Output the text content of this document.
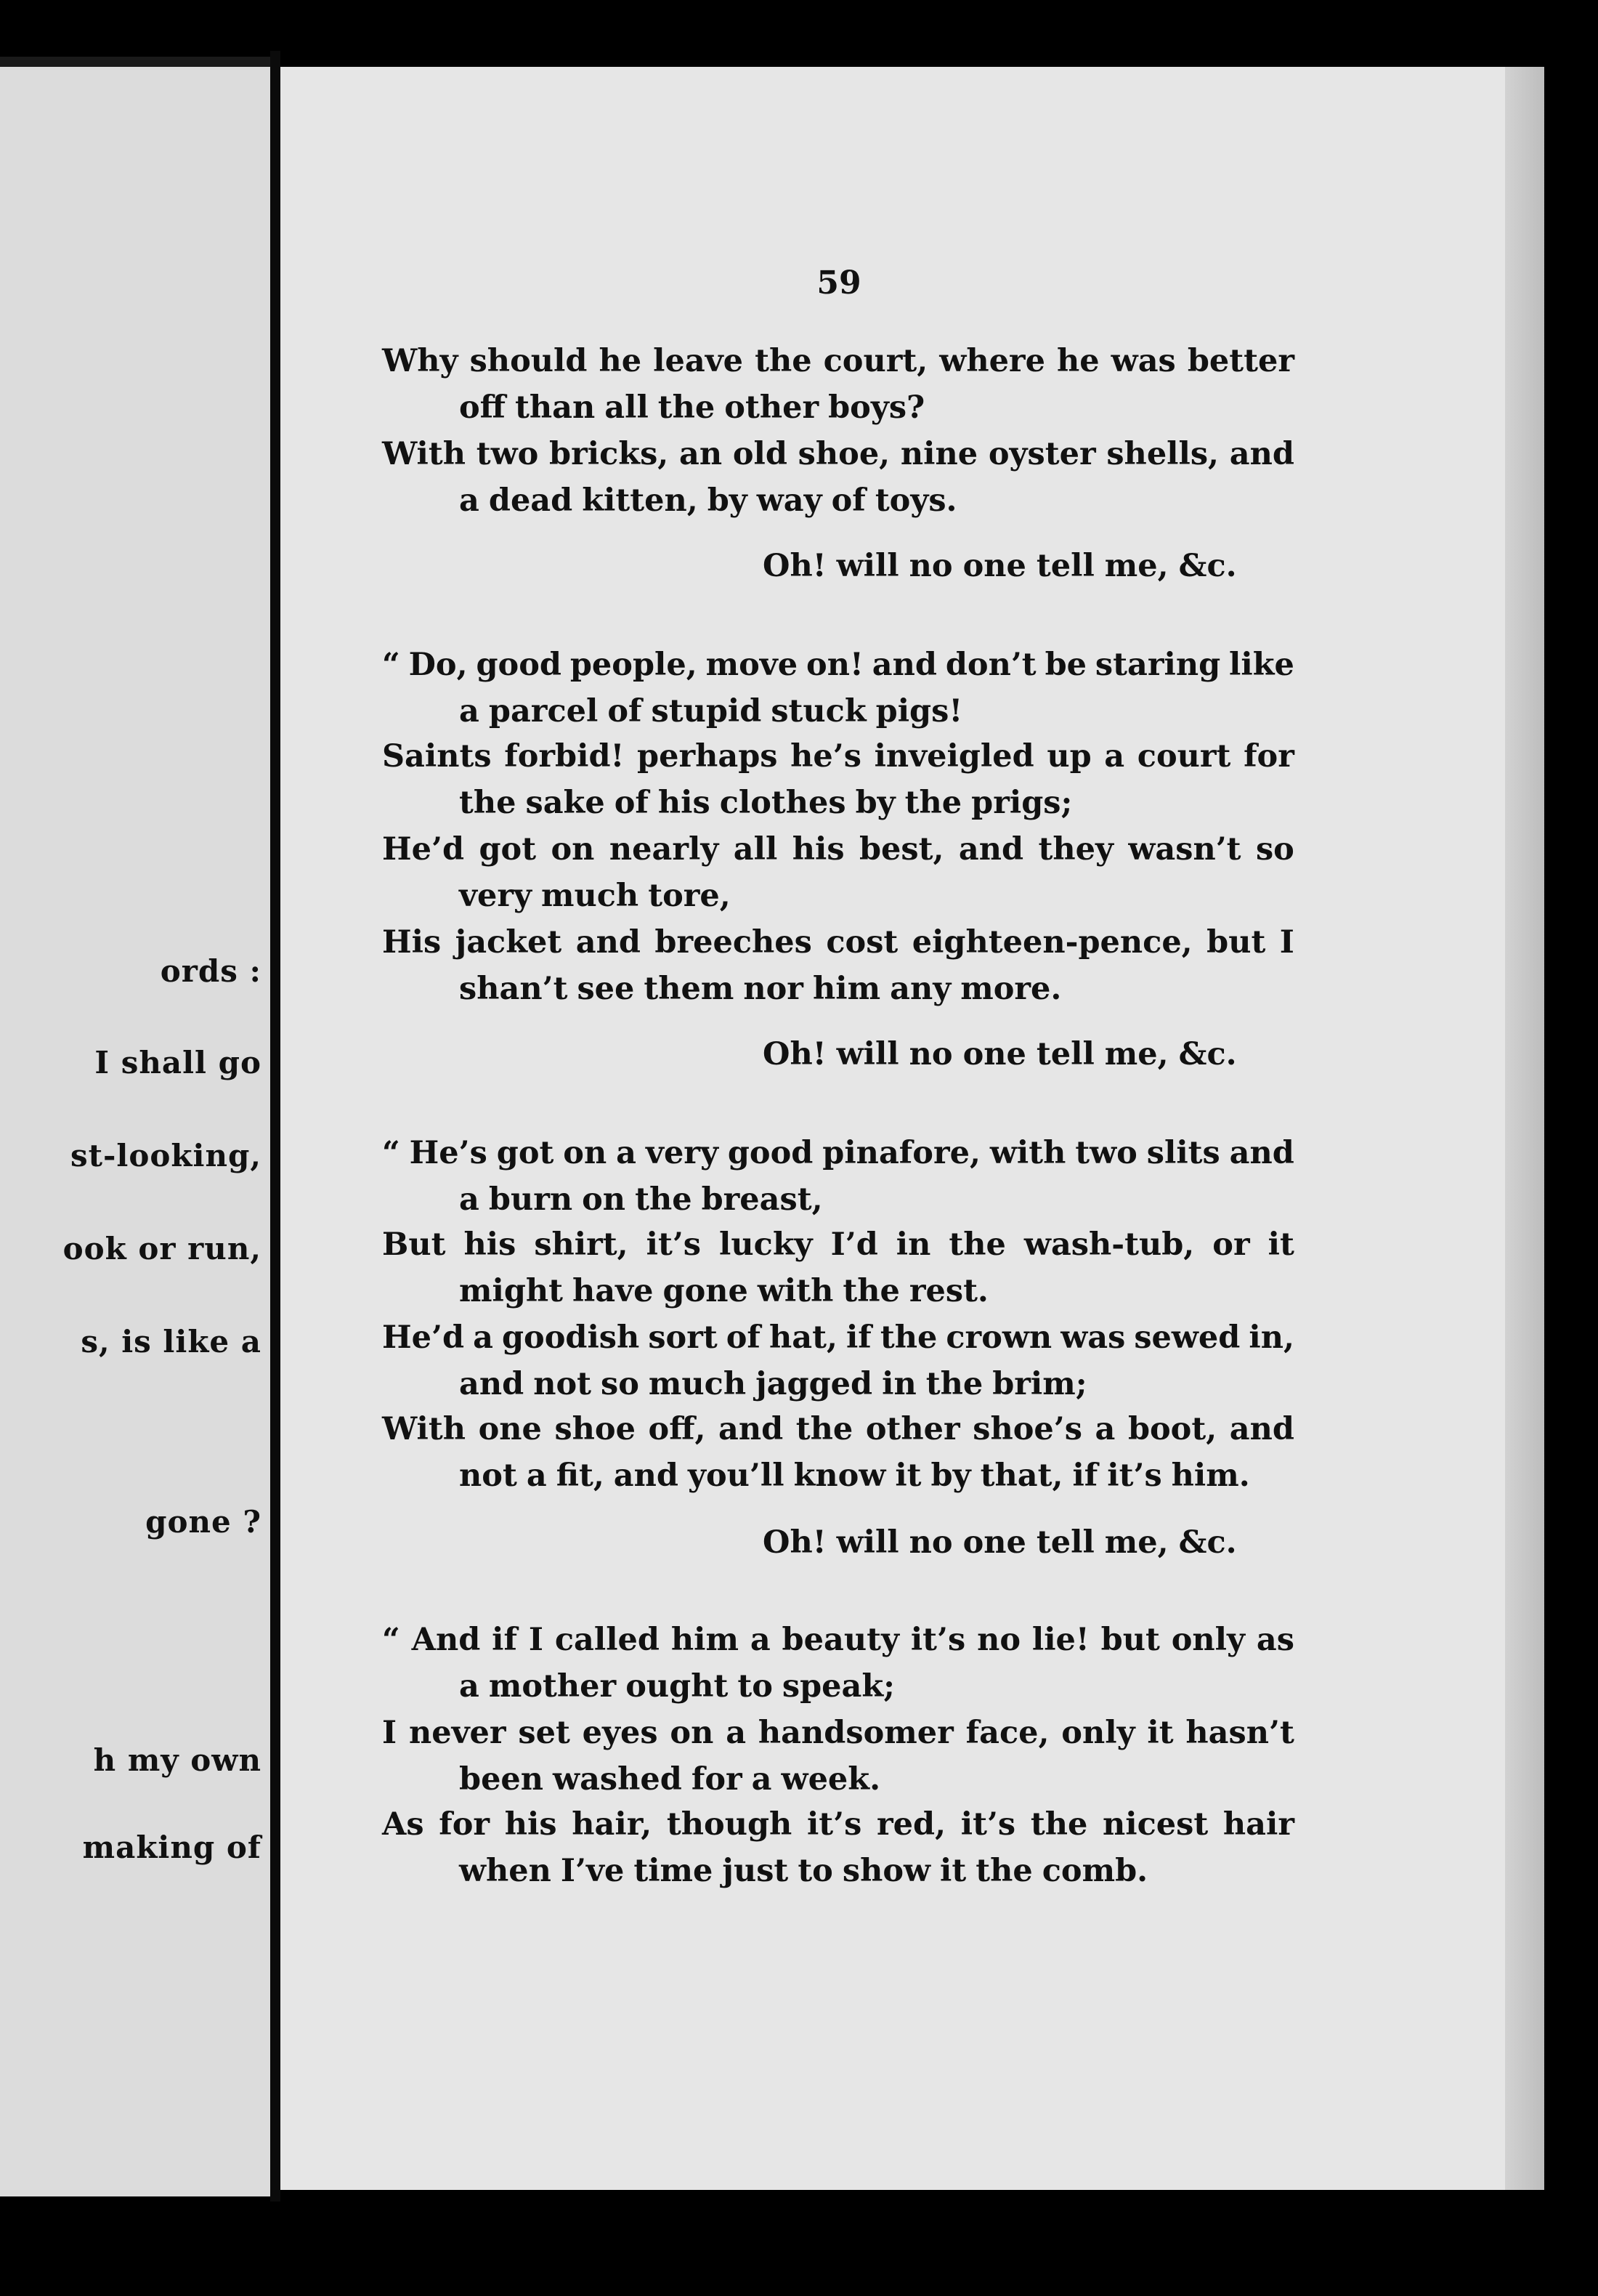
ords :
I shall go
st-looking,
ook or run,
s, is like a
gone ?
h my own
making of
59
Why should he leave the court, where he was better
off than all the other boys?
With two bricks, an old shoe, nine oyster shells, and
a dead kitten, by way of toys.
Oh! will no one tell me, &c.
“ Do, good people, move on! and don’t be staring like
a parcel of stupid stuck pigs!
Saints forbid! perhaps he’s inveigled up a court for
the sake of his clothes by the prigs;
He’d got on nearly all his best, and they wasn’t so
very much tore,
His jacket and breeches cost eighteen-pence, but I
shan’t see them nor him any more.
Oh! will no one tell me, &c.
“ He’s got on a very good pinafore, with two slits and
a burn on the breast,
But his shirt, it’s lucky I’d in the wash-tub, or it
might have gone with the rest.
He’d a goodish sort of hat, if the crown was sewed in,
and not so much jagged in the brim;
With one shoe off, and the other shoe’s a boot, and
not a fit, and you’ll know it by that, if it’s him.
Oh! will no one tell me, &c.
“ And if I called him a beauty it’s no lie! but only as
a mother ought to speak;
I never set eyes on a handsomer face, only it hasn’t
been washed for a week.
As for his hair, though it’s red, it’s the nicest hair
when I’ve time just to show it the comb.
